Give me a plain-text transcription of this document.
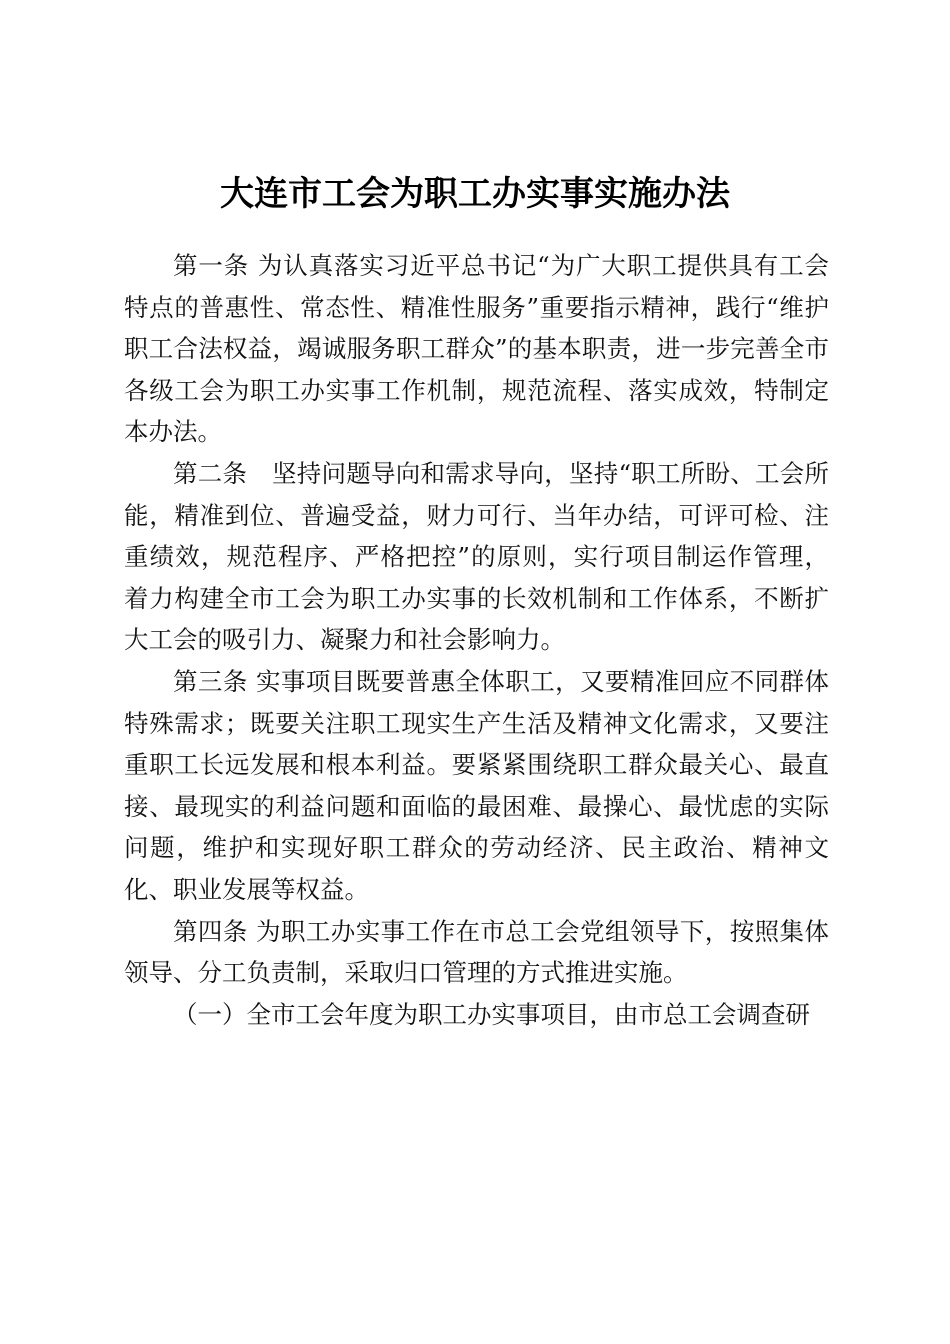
大连市工会为职工办实事实施办法

第一条 为认真落实习近平总书记“为广大职工提供具有工会特点的普惠性、常态性、精准性服务”重要指示精神，践行“维护职工合法权益，竭诚服务职工群众”的基本职责，进一步完善全市各级工会为职工办实事工作机制，规范流程、落实成效，特制定本办法。

第二条　坚持问题导向和需求导向，坚持“职工所盼、工会所能，精准到位、普遍受益，财力可行、当年办结，可评可检、注重绩效，规范程序、严格把控”的原则，实行项目制运作管理， 着力构建全市工会为职工办实事的长效机制和工作体系，不断扩大工会的吸引力、凝聚力和社会影响力。

第三条 实事项目既要普惠全体职工，又要精准回应不同群体特殊需求；既要关注职工现实生产生活及精神文化需求，又要注重职工长远发展和根本利益。要紧紧围绕职工群众最关心、最直接、最现实的利益问题和面临的最困难、最操心、最忧虑的实际问题，维护和实现好职工群众的劳动经济、民主政治、精神文化、职业发展等权益。

第四条 为职工办实事工作在市总工会党组领导下，按照集体领导、分工负责制，采取归口管理的方式推进实施。

（一）全市工会年度为职工办实事项目，由市总工会调查研
